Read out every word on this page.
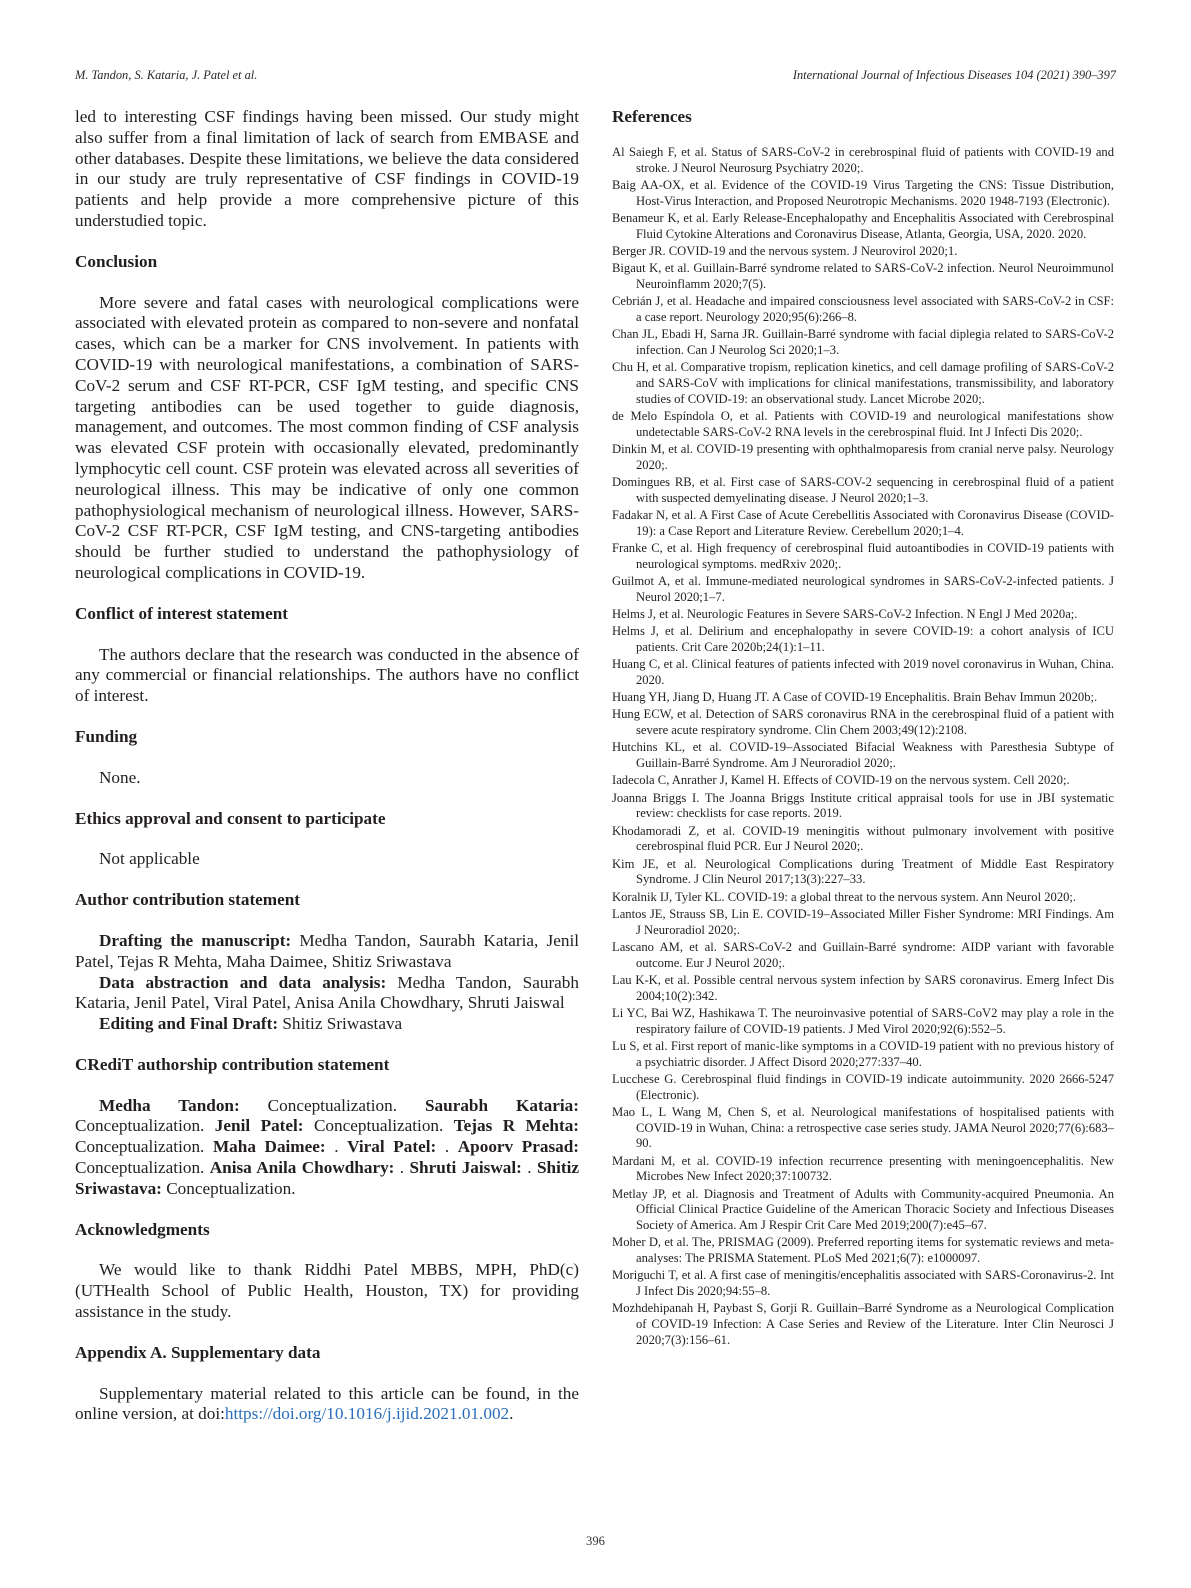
M. Tandon, S. Kataria, J. Patel et al.	International Journal of Infectious Diseases 104 (2021) 390–397

led to interesting CSF findings having been missed. Our study might also suffer from a final limitation of lack of search from EMBASE and other databases. Despite these limitations, we believe the data considered in our study are truly representative of CSF findings in COVID-19 patients and help provide a more comprehensive picture of this understudied topic.

Conclusion

More severe and fatal cases with neurological complications were associated with elevated protein as compared to non-severe and nonfatal cases, which can be a marker for CNS involvement. In patients with COVID-19 with neurological manifestations, a combination of SARS-CoV-2 serum and CSF RT-PCR, CSF IgM testing, and specific CNS targeting antibodies can be used together to guide diagnosis, management, and outcomes. The most common finding of CSF analysis was elevated CSF protein with occasionally elevated, predominantly lymphocytic cell count. CSF protein was elevated across all severities of neurological illness. This may be indicative of only one common pathophysiological mechanism of neurological illness. However, SARS-CoV-2 CSF RT-PCR, CSF IgM testing, and CNS-targeting antibodies should be further studied to understand the pathophysiology of neurological complications in COVID-19.

Conflict of interest statement

The authors declare that the research was conducted in the absence of any commercial or financial relationships. The authors have no conflict of interest.

Funding

None.

Ethics approval and consent to participate

Not applicable

Author contribution statement

Drafting the manuscript: Medha Tandon, Saurabh Kataria, Jenil Patel, Tejas R Mehta, Maha Daimee, Shitiz Sriwastava

Data abstraction and data analysis: Medha Tandon, Saurabh Kataria, Jenil Patel, Viral Patel, Anisa Anila Chowdhary, Shruti Jaiswal

Editing and Final Draft: Shitiz Sriwastava

CRediT authorship contribution statement

Medha Tandon: Conceptualization. Saurabh Kataria: Conceptualization. Jenil Patel: Conceptualization. Tejas R Mehta: Conceptualization. Maha Daimee: . Viral Patel: . Apoorv Prasad: Conceptualization. Anisa Anila Chowdhary: . Shruti Jaiswal: . Shitiz Sriwastava: Conceptualization.

Acknowledgments

We would like to thank Riddhi Patel MBBS, MPH, PhD(c) (UTHealth School of Public Health, Houston, TX) for providing assistance in the study.

Appendix A. Supplementary data

Supplementary material related to this article can be found, in the online version, at doi:https://doi.org/10.1016/j.ijid.2021.01.002.

References
Al Saiegh F, et al. Status of SARS-CoV-2 in cerebrospinal fluid of patients with COVID-19 and stroke. J Neurol Neurosurg Psychiatry 2020;.
Baig AA-OX, et al. Evidence of the COVID-19 Virus Targeting the CNS: Tissue Distribution, Host-Virus Interaction, and Proposed Neurotropic Mechanisms. 2020 1948-7193 (Electronic).
Benameur K, et al. Early Release-Encephalopathy and Encephalitis Associated with Cerebrospinal Fluid Cytokine Alterations and Coronavirus Disease, Atlanta, Georgia, USA, 2020. 2020.
Berger JR. COVID-19 and the nervous system. J Neurovirol 2020;1.
Bigaut K, et al. Guillain-Barré syndrome related to SARS-CoV-2 infection. Neurol Neuroimmunol Neuroinflamm 2020;7(5).
Cebrián J, et al. Headache and impaired consciousness level associated with SARS-CoV-2 in CSF: a case report. Neurology 2020;95(6):266–8.
Chan JL, Ebadi H, Sarna JR. Guillain-Barré syndrome with facial diplegia related to SARS-CoV-2 infection. Can J Neurolog Sci 2020;1–3.
Chu H, et al. Comparative tropism, replication kinetics, and cell damage profiling of SARS-CoV-2 and SARS-CoV with implications for clinical manifestations, transmissibility, and laboratory studies of COVID-19: an observational study. Lancet Microbe 2020;.
de Melo Espíndola O, et al. Patients with COVID-19 and neurological manifestations show undetectable SARS-CoV-2 RNA levels in the cerebrospinal fluid. Int J Infecti Dis 2020;.
Dinkin M, et al. COVID-19 presenting with ophthalmoparesis from cranial nerve palsy. Neurology 2020;.
Domingues RB, et al. First case of SARS-COV-2 sequencing in cerebrospinal fluid of a patient with suspected demyelinating disease. J Neurol 2020;1–3.
Fadakar N, et al. A First Case of Acute Cerebellitis Associated with Coronavirus Disease (COVID-19): a Case Report and Literature Review. Cerebellum 2020;1–4.
Franke C, et al. High frequency of cerebrospinal fluid autoantibodies in COVID-19 patients with neurological symptoms. medRxiv 2020;.
Guilmot A, et al. Immune-mediated neurological syndromes in SARS-CoV-2-infected patients. J Neurol 2020;1–7.
Helms J, et al. Neurologic Features in Severe SARS-CoV-2 Infection. N Engl J Med 2020a;.
Helms J, et al. Delirium and encephalopathy in severe COVID-19: a cohort analysis of ICU patients. Crit Care 2020b;24(1):1–11.
Huang C, et al. Clinical features of patients infected with 2019 novel coronavirus in Wuhan, China. 2020.
Huang YH, Jiang D, Huang JT. A Case of COVID-19 Encephalitis. Brain Behav Immun 2020b;.
Hung ECW, et al. Detection of SARS coronavirus RNA in the cerebrospinal fluid of a patient with severe acute respiratory syndrome. Clin Chem 2003;49(12):2108.
Hutchins KL, et al. COVID-19–Associated Bifacial Weakness with Paresthesia Subtype of Guillain-Barré Syndrome. Am J Neuroradiol 2020;.
Iadecola C, Anrather J, Kamel H. Effects of COVID-19 on the nervous system. Cell 2020;.
Joanna Briggs I. The Joanna Briggs Institute critical appraisal tools for use in JBI systematic review: checklists for case reports. 2019.
Khodamoradi Z, et al. COVID-19 meningitis without pulmonary involvement with positive cerebrospinal fluid PCR. Eur J Neurol 2020;.
Kim JE, et al. Neurological Complications during Treatment of Middle East Respiratory Syndrome. J Clin Neurol 2017;13(3):227–33.
Koralnik IJ, Tyler KL. COVID-19: a global threat to the nervous system. Ann Neurol 2020;.
Lantos JE, Strauss SB, Lin E. COVID-19–Associated Miller Fisher Syndrome: MRI Findings. Am J Neuroradiol 2020;.
Lascano AM, et al. SARS-CoV-2 and Guillain-Barré syndrome: AIDP variant with favorable outcome. Eur J Neurol 2020;.
Lau K-K, et al. Possible central nervous system infection by SARS coronavirus. Emerg Infect Dis 2004;10(2):342.
Li YC, Bai WZ, Hashikawa T. The neuroinvasive potential of SARS-CoV2 may play a role in the respiratory failure of COVID-19 patients. J Med Virol 2020;92(6):552–5.
Lu S, et al. First report of manic-like symptoms in a COVID-19 patient with no previous history of a psychiatric disorder. J Affect Disord 2020;277:337–40.
Lucchese G. Cerebrospinal fluid findings in COVID-19 indicate autoimmunity. 2020 2666-5247 (Electronic).
Mao L, L Wang M, Chen S, et al. Neurological manifestations of hospitalised patients with COVID-19 in Wuhan, China: a retrospective case series study. JAMA Neurol 2020;77(6):683–90.
Mardani M, et al. COVID-19 infection recurrence presenting with meningoencephalitis. New Microbes New Infect 2020;37:100732.
Metlay JP, et al. Diagnosis and Treatment of Adults with Community-acquired Pneumonia. An Official Clinical Practice Guideline of the American Thoracic Society and Infectious Diseases Society of America. Am J Respir Crit Care Med 2019;200(7):e45–67.
Moher D, et al. The, PRISMAG (2009). Preferred reporting items for systematic reviews and meta-analyses: The PRISMA Statement. PLoS Med 2021;6(7): e1000097.
Moriguchi T, et al. A first case of meningitis/encephalitis associated with SARS-Coronavirus-2. Int J Infect Dis 2020;94:55–8.
Mozhdehipanah H, Paybast S, Gorji R. Guillain–Barré Syndrome as a Neurological Complication of COVID-19 Infection: A Case Series and Review of the Literature. Inter Clin Neurosci J 2020;7(3):156–61.
396
